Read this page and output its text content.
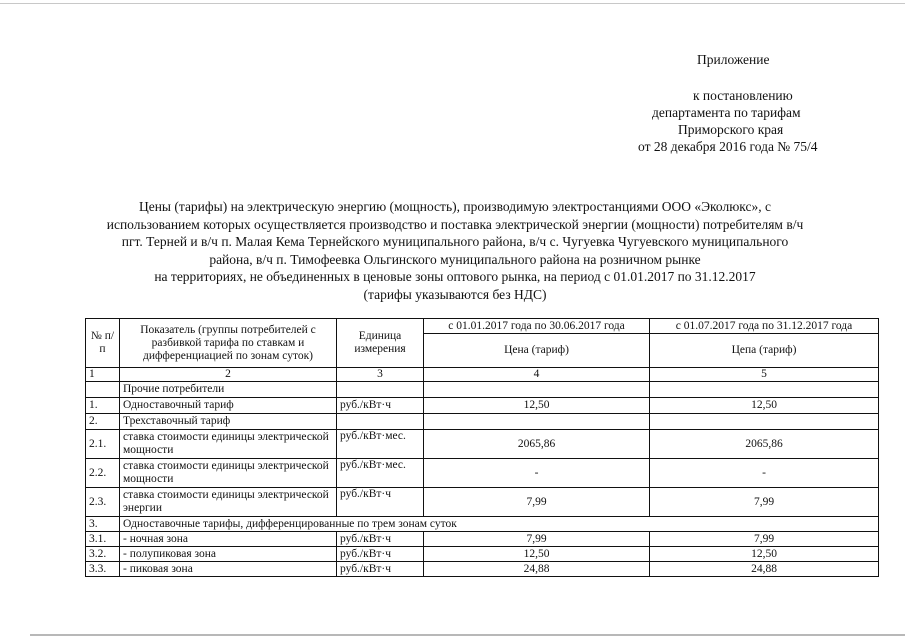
Приложение
к постановлению
департамента по тарифам
Приморского края
от 28 декабря 2016 года № 75/4
Цены (тарифы) на электрическую энергию (мощность), производимую электростанциями ООО «Эколюкс», с
использованием которых осуществляется производство и поставка электрической энергии (мощности) потребителям в/ч
пгт. Терней и в/ч п. Малая Кема Тернейского муниципального района, в/ч с. Чугуевка Чугуевского муниципального
района, в/ч п. Тимофеевка Ольгинского муниципального района на розничном рынке
на территориях, не объединенных в ценовые зоны оптового рынка, на период с 01.01.2017 по 31.12.2017
(тарифы указываются без НДС)
№ п/п	Показатель (группы потребителей с разбивкой тарифа по ставкам и дифференциацией по зонам суток)	Единица измерения	с 01.01.2017 года по 30.06.2017 года	с 01.07.2017 года по 31.12.2017 года
			Цена (тариф)	Цепа (тариф)
1	2	3	4	5
	Прочие потребители			
1.	Одноставочный тариф	руб./кВт·ч	12,50	12,50
2.	Трехставочный тариф			
2.1.	ставка стоимости единицы электрической мощности	руб./кВт·мес.	2065,86	2065,86
2.2.	ставка стоимости единицы электрической мощности	руб./кВт·мес.	-	-
2.3.	ставка стоимости единицы электрической энергии	руб./кВт·ч	7,99	7,99
3.	Одноставочные тарифы, дифференцированные по трем зонам суток			
3.1.	- ночная зона	руб./кВт·ч	7,99	7,99
3.2.	- полупиковая зона	руб./кВт·ч	12,50	12,50
3.3.	- пиковая зона	руб./кВт·ч	24,88	24,88
